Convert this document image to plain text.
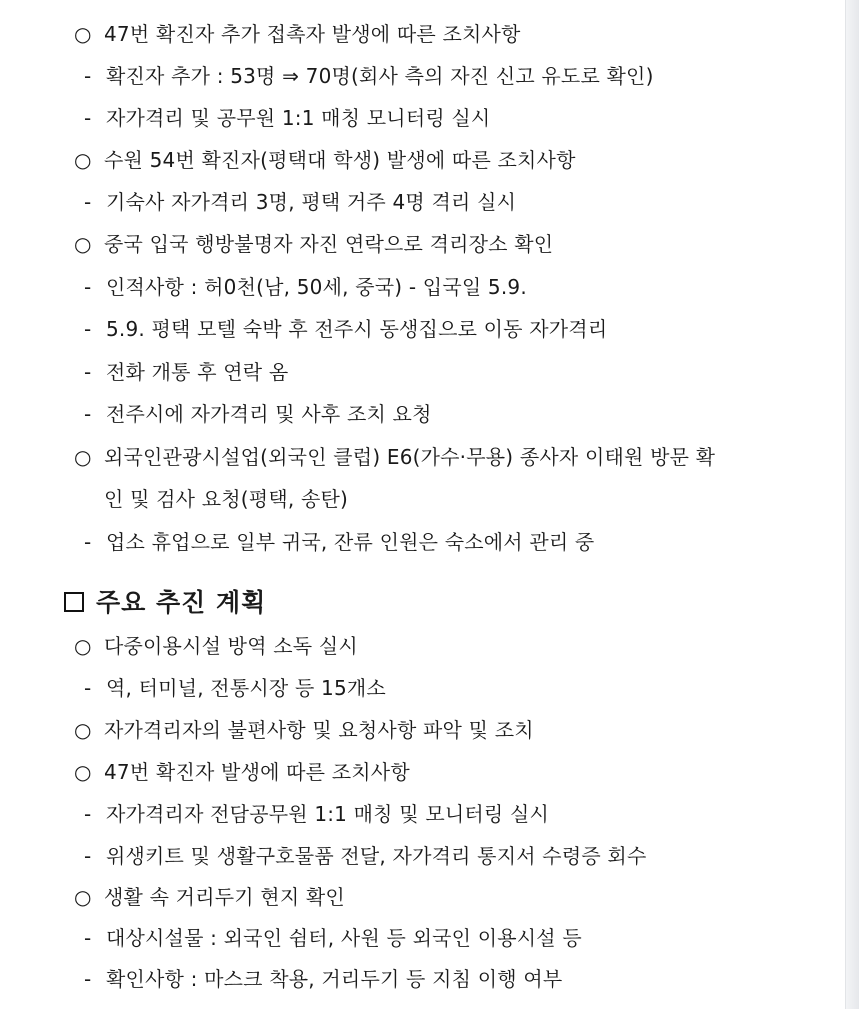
○ 47번 확진자 추가 접촉자 발생에 따른 조치사항
- 확진자 추가 : 53명 ⇒ 70명(회사 측의 자진 신고 유도로 확인)
- 자가격리 및 공무원 1:1 매칭 모니터링 실시
○ 수원 54번 확진자(평택대 학생) 발생에 따른 조치사항
- 기숙사 자가격리 3명, 평택 거주 4명 격리 실시
○ 중국 입국 행방불명자 자진 연락으로 격리장소 확인
- 인적사항 : 허0천(남, 50세, 중국) - 입국일 5.9.
- 5.9. 평택 모텔 숙박 후 전주시 동생집으로 이동 자가격리
- 전화 개통 후 연락 옴
- 전주시에 자가격리 및 사후 조치 요청
○ 외국인관광시설업(외국인 클럽) E6(가수·무용) 종사자 이태원 방문 확
인 및 검사 요청(평택, 송탄)
- 업소 휴업으로 일부 귀국, 잔류 인원은 숙소에서 관리 중
주요 추진 계획
○ 다중이용시설 방역 소독 실시
- 역, 터미널, 전통시장 등 15개소
○ 자가격리자의 불편사항 및 요청사항 파악 및 조치
○ 47번 확진자 발생에 따른 조치사항
- 자가격리자 전담공무원 1:1 매칭 및 모니터링 실시
- 위생키트 및 생활구호물품 전달, 자가격리 통지서 수령증 회수
○ 생활 속 거리두기 현지 확인
- 대상시설물 : 외국인 쉼터, 사원 등 외국인 이용시설 등
- 확인사항 : 마스크 착용, 거리두기 등 지침 이행 여부
